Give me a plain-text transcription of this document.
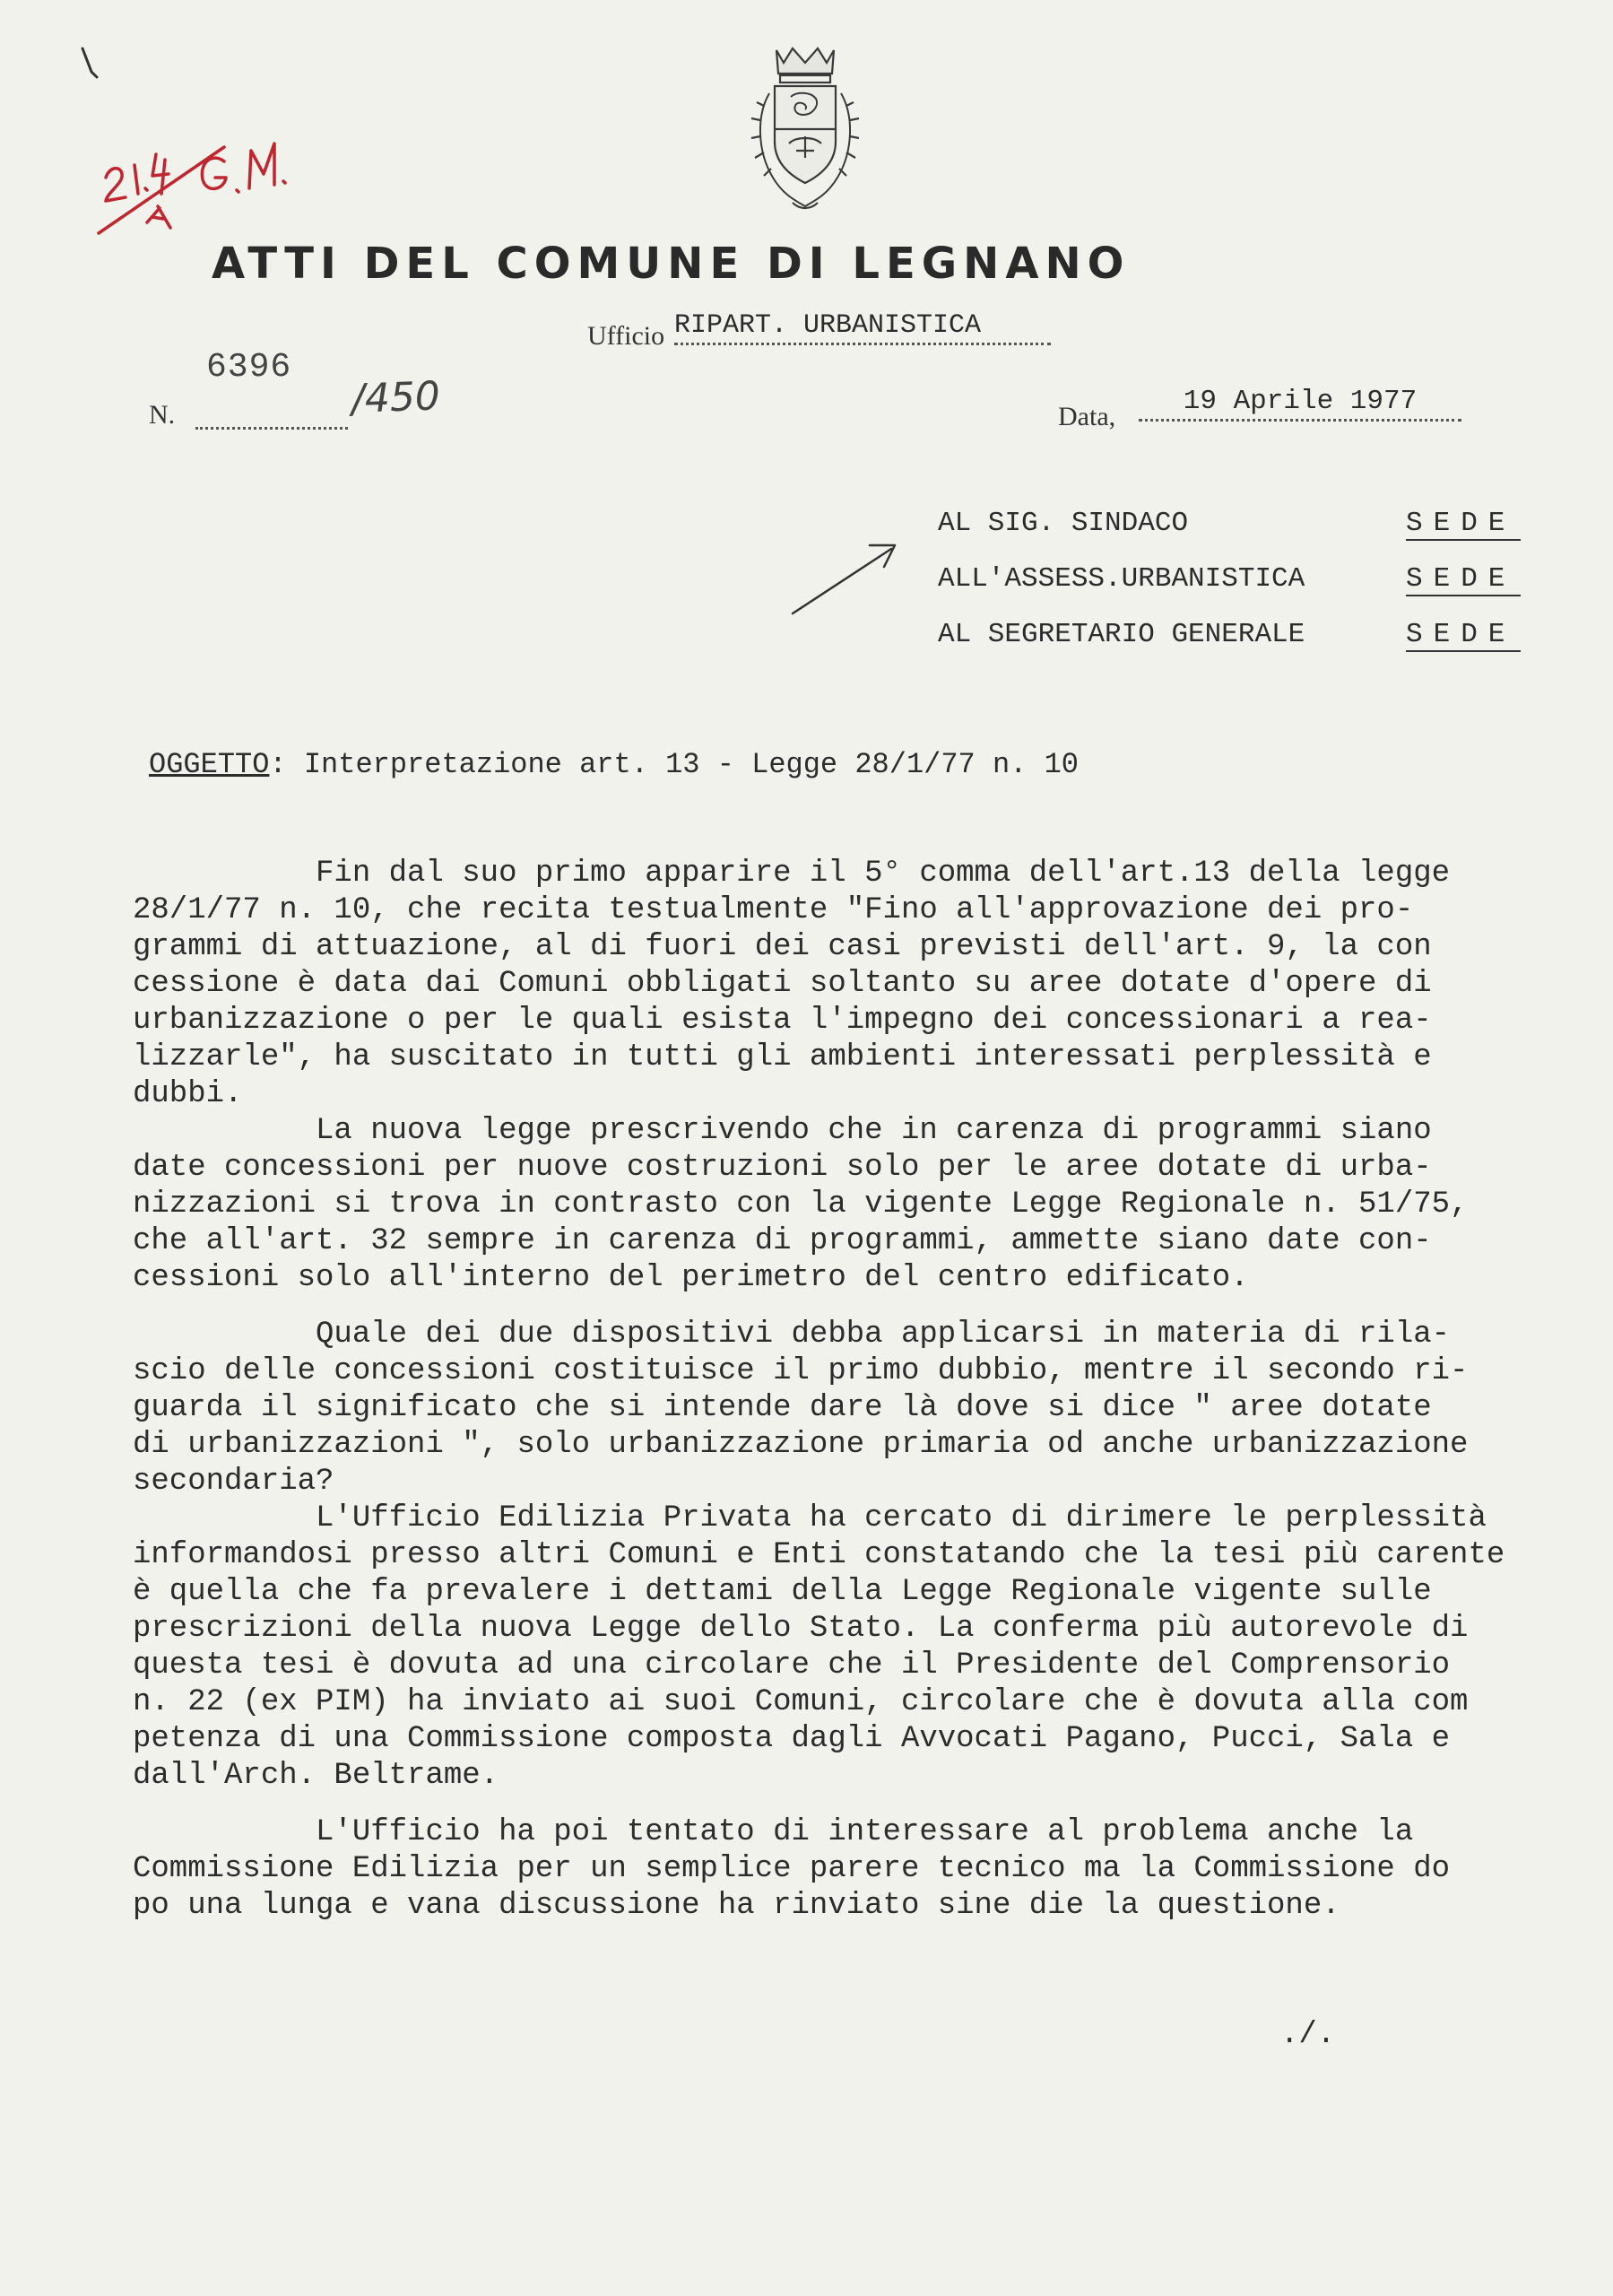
ATTI DEL COMUNE DI LEGNANO
Ufficio RIPART. URBANISTICA
6396
N.	/450	Data,	19 Aprile 1977
AL SIG. SINDACO	SEDE
ALL'ASSESS.URBANISTICA	SEDE
AL SEGRETARIO GENERALE	SEDE
OGGETTO: Interpretazione art. 13 - Legge 28/1/77 n. 10
Fin dal suo primo apparire il 5° comma dell'art.13 della legge
28/1/77 n. 10, che recita testualmente "Fino all'approvazione dei pro-
grammi di attuazione, al di fuori dei casi previsti dell'art. 9, la con
cessione è data dai Comuni obbligati soltanto su aree dotate d'opere di
urbanizzazione o per le quali esista l'impegno dei concessionari a rea-
lizzarle", ha suscitato in tutti gli ambienti interessati perplessità e
dubbi.
La nuova legge prescrivendo che in carenza di programmi siano
date concessioni per nuove costruzioni solo per le aree dotate di urba-
nizzazioni si trova in contrasto con la vigente Legge Regionale n. 51/75,
che all'art. 32 sempre in carenza di programmi, ammette siano date con-
cessioni solo all'interno del perimetro del centro edificato.
Quale dei due dispositivi debba applicarsi in materia di rila-
scio delle concessioni costituisce il primo dubbio, mentre il secondo ri-
guarda il significato che si intende dare là dove si dice " aree dotate
di urbanizzazioni ", solo urbanizzazione primaria od anche urbanizzazione
secondaria?
L'Ufficio Edilizia Privata ha cercato di dirimere le perplessità
informandosi presso altri Comuni e Enti constatando che la tesi più carente
è quella che fa prevalere i dettami della Legge Regionale vigente sulle
prescrizioni della nuova Legge dello Stato. La conferma più autorevole di
questa tesi è dovuta ad una circolare che il Presidente del Comprensorio
n. 22 (ex PIM) ha inviato ai suoi Comuni, circolare che è dovuta alla com
petenza di una Commissione composta dagli Avvocati Pagano, Pucci, Sala e
dall'Arch. Beltrame.
L'Ufficio ha poi tentato di interessare al problema anche la
Commissione Edilizia per un semplice parere tecnico ma la Commissione do
po una lunga e vana discussione ha rinviato sine die la questione.
./.
